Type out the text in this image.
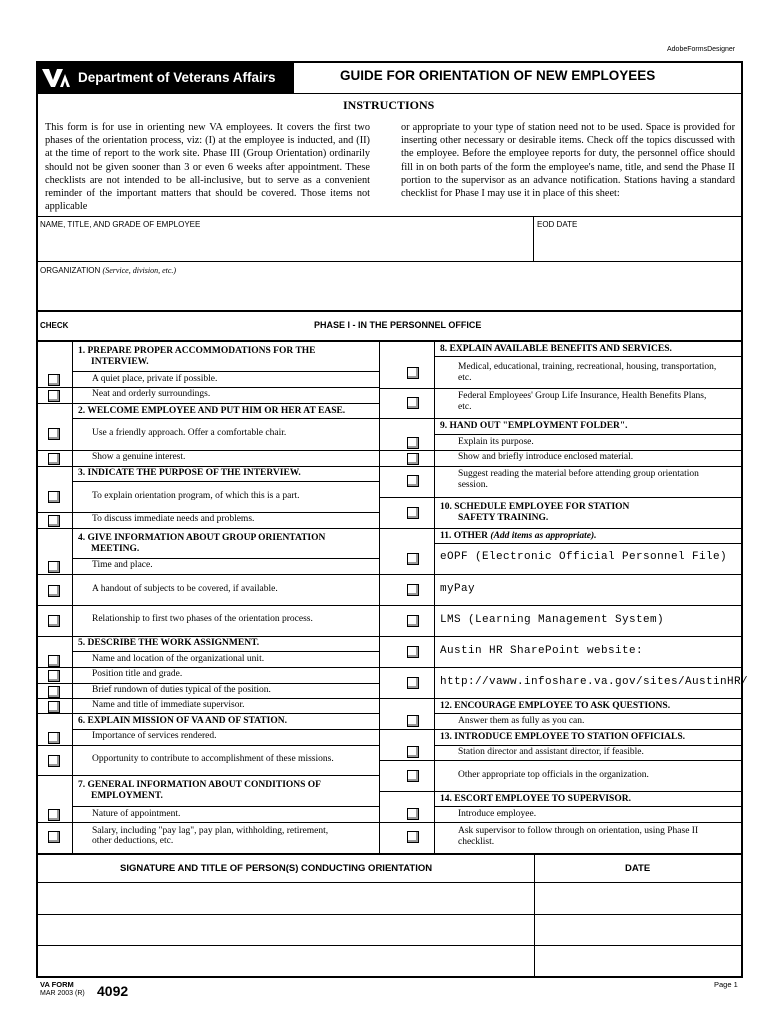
AdobeFormsDesigner
Department of Veterans Affairs	GUIDE FOR ORIENTATION OF NEW EMPLOYEES
INSTRUCTIONS
This form is for use in orienting new VA employees. It covers the first two phases of the orientation process, viz: (I) at the employee is inducted, and (II) at the time of report to the work site. Phase III (Group Orientation) ordinarily should not be given sooner than 3 or even 6 weeks after appointment. These checklists are not intended to be all-inclusive, but to serve as a convenient reminder of the important matters that should be covered. Those items not applicable
or appropriate to your type of station need not to be used. Space is provided for inserting other necessary or desirable items. Check off the topics discussed with the employee. Before the employee reports for duty, the personnel office should fill in on both parts of the form the employee's name, title, and send the Phase II portion to the supervisor as an advance notification. Stations having a standard checklist for Phase I may use it in place of this sheet:
NAME, TITLE, AND GRADE OF EMPLOYEE	EOD DATE
ORGANIZATION (Service, division, etc.)
CHECK	PHASE I - IN THE PERSONNEL OFFICE
1. PREPARE PROPER ACCOMMODATIONS FOR THE
INTERVIEW.
A quiet place, private if possible.
Neat and orderly surroundings.
2. WELCOME EMPLOYEE AND PUT HIM OR HER AT EASE.
Use a friendly approach. Offer a comfortable chair.
Show a genuine interest.
3. INDICATE THE PURPOSE OF THE INTERVIEW.
To explain orientation program, of which this is a part.
To discuss immediate needs and problems.
4. GIVE INFORMATION ABOUT GROUP ORIENTATION
MEETING.
Time and place.
A handout of subjects to be covered, if available.
Relationship to first two phases of the orientation process.
5. DESCRIBE THE WORK ASSIGNMENT.
Name and location of the organizational unit.
Position title and grade.
Brief rundown of duties typical of the position.
Name and title of immediate supervisor.
6. EXPLAIN MISSION OF VA AND OF STATION.
Importance of services rendered.
Opportunity to contribute to accomplishment of these missions.
7. GENERAL INFORMATION ABOUT CONDITIONS OF
EMPLOYMENT.
Nature of appointment.
Salary, including "pay lag", pay plan, withholding, retirement,
other deductions, etc.
8. EXPLAIN AVAILABLE BENEFITS AND SERVICES.
Medical, educational, training, recreational, housing, transportation,
etc.
Federal Employees' Group Life Insurance, Health Benefits Plans,
etc.
9. HAND OUT "EMPLOYMENT FOLDER".
Explain its purpose.
Show and briefly introduce enclosed material.
Suggest reading the material before attending group orientation
session.
10. SCHEDULE EMPLOYEE FOR STATION
SAFETY TRAINING.
11. OTHER (Add items as appropriate).
eOPF (Electronic Official Personnel File)
myPay
LMS (Learning Management System)
Austin HR SharePoint website:
http://vaww.infoshare.va.gov/sites/AustinHR/
12. ENCOURAGE EMPLOYEE TO ASK QUESTIONS.
Answer them as fully as you can.
13. INTRODUCE EMPLOYEE TO STATION OFFICIALS.
Station director and assistant director, if feasible.
Other appropriate top officials in the organization.
14. ESCORT EMPLOYEE TO SUPERVISOR.
Introduce employee.
Ask supervisor to follow through on orientation, using Phase II
checklist.
SIGNATURE AND TITLE OF PERSON(S) CONDUCTING ORIENTATION	DATE
VA FORM
MAR 2003 (R) 4092	Page 1
